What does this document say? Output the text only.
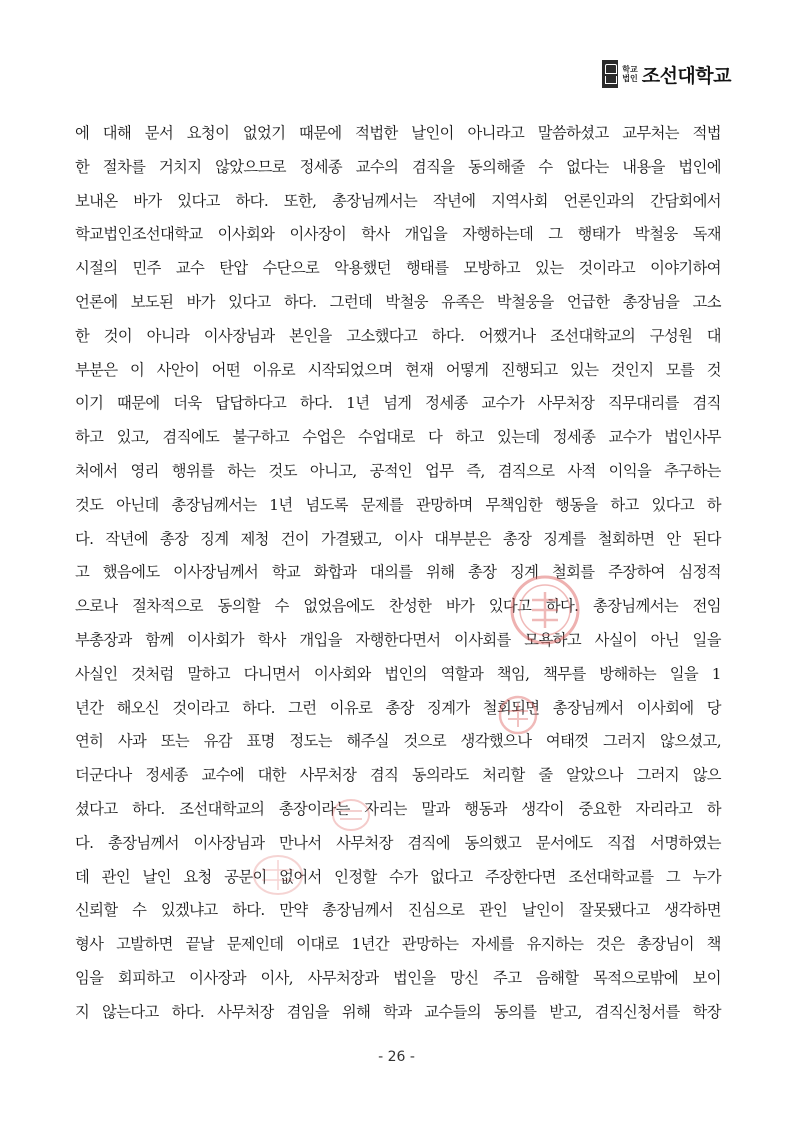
학교
법인 조선대학교
에 대해 문서 요청이 없었기 때문에 적법한 날인이 아니라고 말씀하셨고 교무처는 적법
한 절차를 거치지 않았으므로 정세종 교수의 겸직을 동의해줄 수 없다는 내용을 법인에
보내온 바가 있다고 하다. 또한, 총장님께서는 작년에 지역사회 언론인과의 간담회에서
학교법인조선대학교 이사회와 이사장이 학사 개입을 자행하는데 그 행태가 박철웅 독재
시절의 민주 교수 탄압 수단으로 악용했던 행태를 모방하고 있는 것이라고 이야기하여
언론에 보도된 바가 있다고 하다. 그런데 박철웅 유족은 박철웅을 언급한 총장님을 고소
한 것이 아니라 이사장님과 본인을 고소했다고 하다. 어쨌거나 조선대학교의 구성원 대
부분은 이 사안이 어떤 이유로 시작되었으며 현재 어떻게 진행되고 있는 것인지 모를 것
이기 때문에 더욱 답답하다고 하다. 1년 넘게 정세종 교수가 사무처장 직무대리를 겸직
하고 있고, 겸직에도 불구하고 수업은 수업대로 다 하고 있는데 정세종 교수가 법인사무
처에서 영리 행위를 하는 것도 아니고, 공적인 업무 즉, 겸직으로 사적 이익을 추구하는
것도 아닌데 총장님께서는 1년 넘도록 문제를 관망하며 무책임한 행동을 하고 있다고 하
다. 작년에 총장 징계 제청 건이 가결됐고, 이사 대부분은 총장 징계를 철회하면 안 된다
고 했음에도 이사장님께서 학교 화합과 대의를 위해 총장 징계 철회를 주장하여 심정적
으로나 절차적으로 동의할 수 없었음에도 찬성한 바가 있다고 하다. 총장님께서는 전임
부총장과 함께 이사회가 학사 개입을 자행한다면서 이사회를 모욕하고 사실이 아닌 일을
사실인 것처럼 말하고 다니면서 이사회와 법인의 역할과 책임, 책무를 방해하는 일을 1
년간 해오신 것이라고 하다. 그런 이유로 총장 징계가 철회되면 총장님께서 이사회에 당
연히 사과 또는 유감 표명 정도는 해주실 것으로 생각했으나 여태껏 그러지 않으셨고,
더군다나 정세종 교수에 대한 사무처장 겸직 동의라도 처리할 줄 알았으나 그러지 않으
셨다고 하다. 조선대학교의 총장이라는 자리는 말과 행동과 생각이 중요한 자리라고 하
다. 총장님께서 이사장님과 만나서 사무처장 겸직에 동의했고 문서에도 직접 서명하였는
데 관인 날인 요청 공문이 없어서 인정할 수가 없다고 주장한다면 조선대학교를 그 누가
신뢰할 수 있겠냐고 하다. 만약 총장님께서 진심으로 관인 날인이 잘못됐다고 생각하면
형사 고발하면 끝날 문제인데 이대로 1년간 관망하는 자세를 유지하는 것은 총장님이 책
임을 회피하고 이사장과 이사, 사무처장과 법인을 망신 주고 음해할 목적으로밖에 보이
지 않는다고 하다. 사무처장 겸임을 위해 학과 교수들의 동의를 받고, 겸직신청서를 학장
- 26 -
